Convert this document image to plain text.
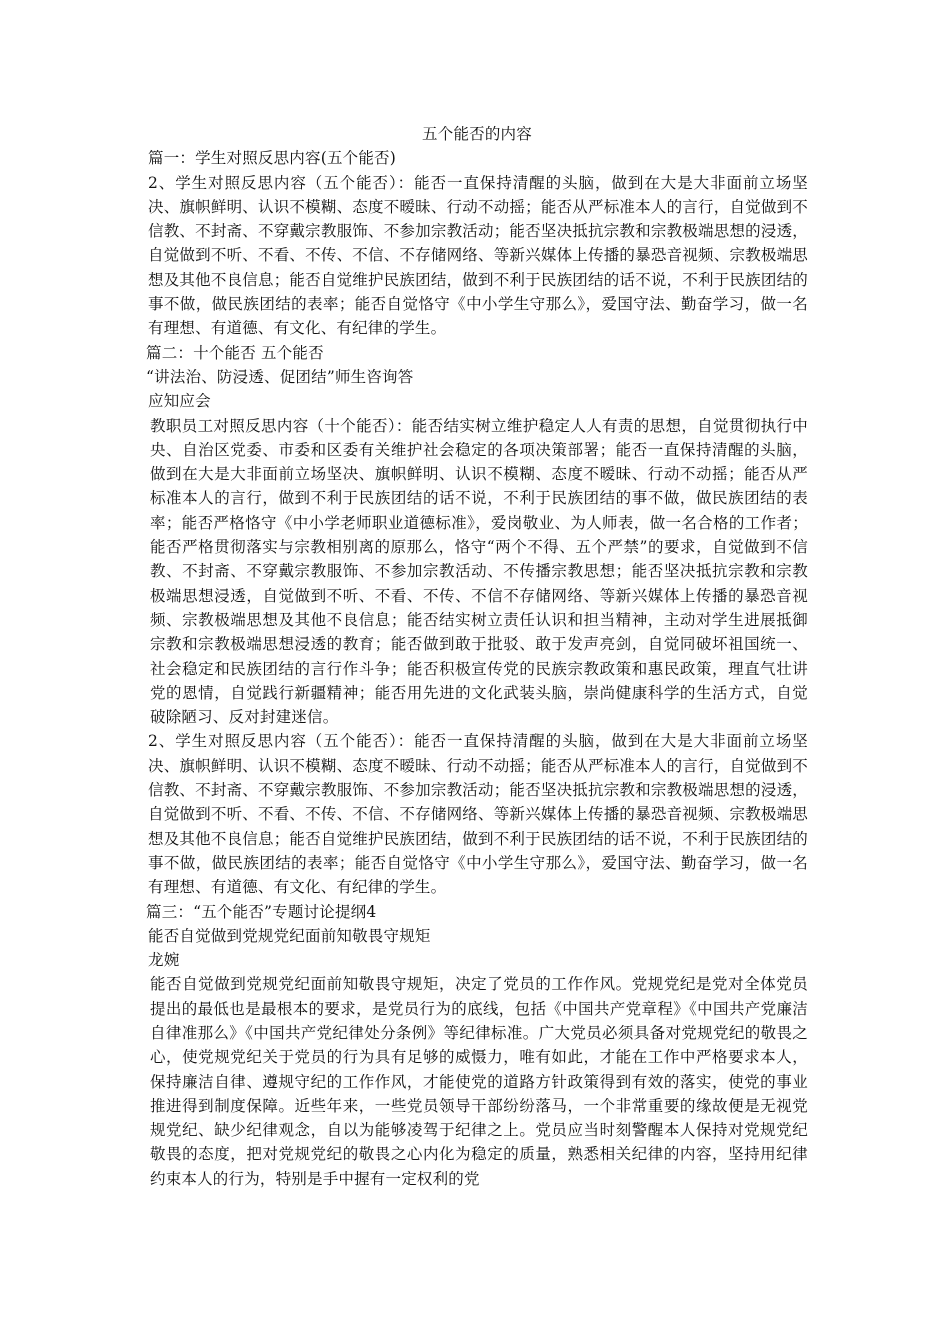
五个能否的内容

篇一：学生对照反思内容(五个能否)

2、学生对照反思内容（五个能否）：能否一直保持清醒的头脑，做到在大是大非面前立场坚决、旗帜鲜明、认识不模糊、态度不暧昧、行动不动摇；能否从严标准本人的言行，自觉做到不信教、不封斋、不穿戴宗教服饰、不参加宗教活动；能否坚决抵抗宗教和宗教极端思想的浸透，自觉做到不听、不看、不传、不信、不存储网络、等新兴媒体上传播的暴恐音视频、宗教极端思想及其他不良信息；能否自觉维护民族团结，做到不利于民族团结的话不说，不利于民族团结的事不做，做民族团结的表率；能否自觉恪守《中小学生守那么》，爱国守法、勤奋学习，做一名有理想、有道德、有文化、有纪律的学生。

篇二：十个能否 五个能否

“讲法治、防浸透、促团结”师生咨询答

应知应会

教职员工对照反思内容（十个能否）：能否结实树立维护稳定人人有责的思想，自觉贯彻执行中央、自治区党委、市委和区委有关维护社会稳定的各项决策部署；能否一直保持清醒的头脑，做到在大是大非面前立场坚决、旗帜鲜明、认识不模糊、态度不暧昧、行动不动摇；能否从严标准本人的言行，做到不利于民族团结的话不说，不利于民族团结的事不做，做民族团结的表率；能否严格恪守《中小学老师职业道德标准》，爱岗敬业、为人师表，做一名合格的工作者；能否严格贯彻落实与宗教相别离的原那么，恪守“两个不得、五个严禁”的要求，自觉做到不信教、不封斋、不穿戴宗教服饰、不参加宗教活动、不传播宗教思想；能否坚决抵抗宗教和宗教极端思想浸透，自觉做到不听、不看、不传、不信不存储网络、等新兴媒体上传播的暴恐音视频、宗教极端思想及其他不良信息；能否结实树立责任认识和担当精神，主动对学生进展抵御宗教和宗教极端思想浸透的教育；能否做到敢于批驳、敢于发声亮剑，自觉同破坏祖国统一、社会稳定和民族团结的言行作斗争；能否积极宣传党的民族宗教政策和惠民政策，理直气壮讲党的恩情，自觉践行新疆精神；能否用先进的文化武装头脑，崇尚健康科学的生活方式，自觉破除陋习、反对封建迷信。

2、学生对照反思内容（五个能否）：能否一直保持清醒的头脑，做到在大是大非面前立场坚决、旗帜鲜明、认识不模糊、态度不暧昧、行动不动摇；能否从严标准本人的言行，自觉做到不信教、不封斋、不穿戴宗教服饰、不参加宗教活动；能否坚决抵抗宗教和宗教极端思想的浸透，自觉做到不听、不看、不传、不信、不存储网络、等新兴媒体上传播的暴恐音视频、宗教极端思想及其他不良信息；能否自觉维护民族团结，做到不利于民族团结的话不说，不利于民族团结的事不做，做民族团结的表率；能否自觉恪守《中小学生守那么》，爱国守法、勤奋学习，做一名有理想、有道德、有文化、有纪律的学生。

篇三：“五个能否”专题讨论提纲4

能否自觉做到党规党纪面前知敬畏守规矩

龙婉

能否自觉做到党规党纪面前知敬畏守规矩，决定了党员的工作作风。党规党纪是党对全体党员提出的最低也是最根本的要求，是党员行为的底线，包括《中国共产党章程》《中国共产党廉洁自律准那么》《中国共产党纪律处分条例》等纪律标准。广大党员必须具备对党规党纪的敬畏之心，使党规党纪关于党员的行为具有足够的威慑力，唯有如此，才能在工作中严格要求本人，保持廉洁自律、遵规守纪的工作作风，才能使党的道路方针政策得到有效的落实，使党的事业推进得到制度保障。近些年来，一些党员领导干部纷纷落马，一个非常重要的缘故便是无视党规党纪、缺少纪律观念，自以为能够凌驾于纪律之上。党员应当时刻警醒本人保持对党规党纪敬畏的态度，把对党规党纪的敬畏之心内化为稳定的质量，熟悉相关纪律的内容，坚持用纪律约束本人的行为，特别是手中握有一定权利的党
